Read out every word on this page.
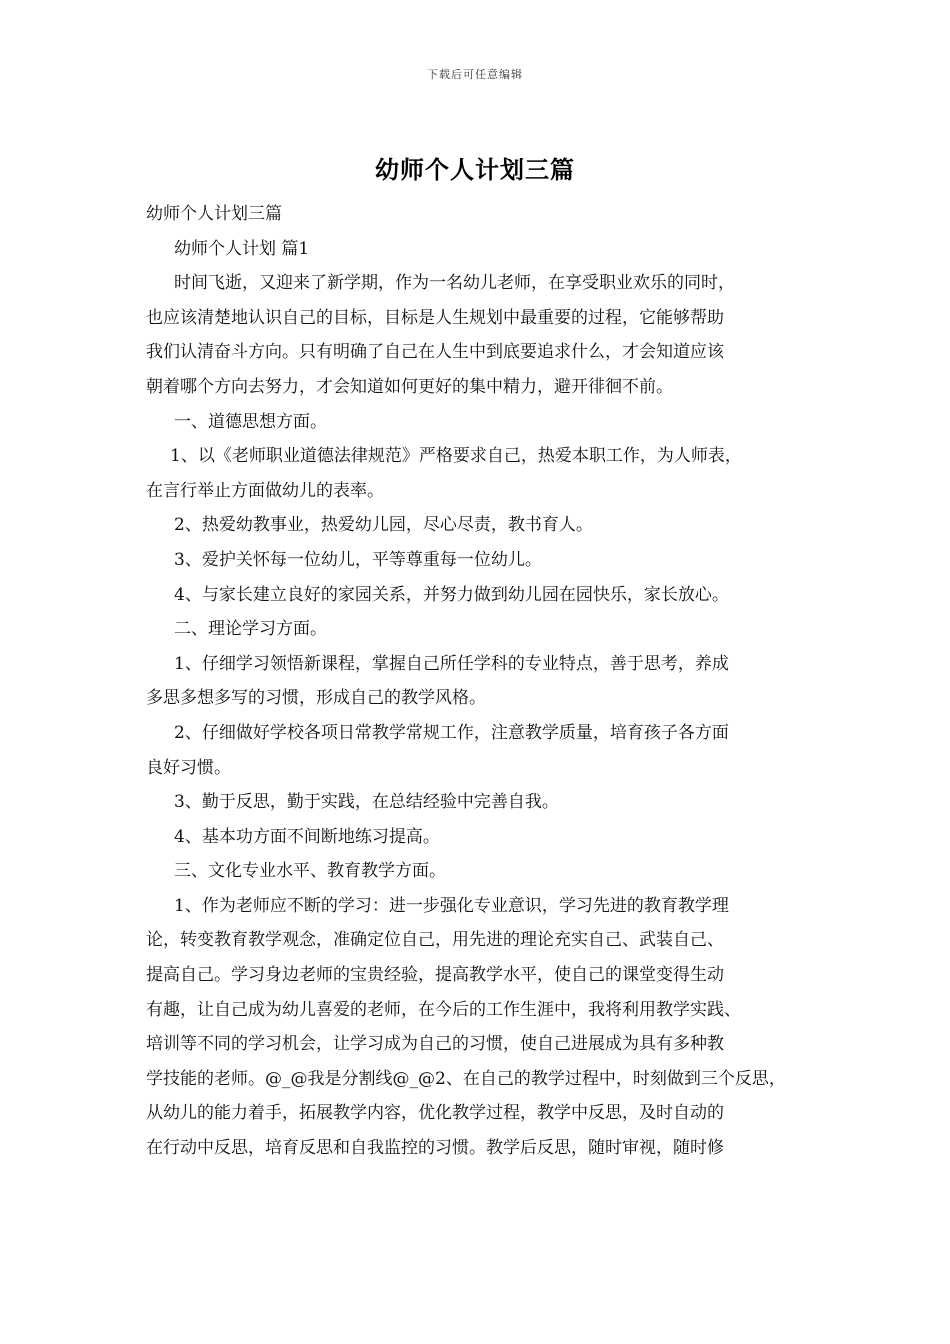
下载后可任意编辑
幼师个人计划三篇

幼师个人计划三篇

幼师个人计划 篇1

时间飞逝，又迎来了新学期，作为一名幼儿老师，在享受职业欢乐的同时，

也应该清楚地认识自己的目标，目标是人生规划中最重要的过程，它能够帮助

我们认清奋斗方向。只有明确了自己在人生中到底要追求什么，才会知道应该

朝着哪个方向去努力，才会知道如何更好的集中精力，避开徘徊不前。

一、道德思想方面。

1、以《老师职业道德法律规范》严格要求自己，热爱本职工作，为人师表，

在言行举止方面做幼儿的表率。

2、热爱幼教事业，热爱幼儿园，尽心尽责，教书育人。

3、爱护关怀每一位幼儿，平等尊重每一位幼儿。

4、与家长建立良好的家园关系，并努力做到幼儿园在园快乐，家长放心。

二、理论学习方面。

1、仔细学习领悟新课程，掌握自己所任学科的专业特点，善于思考，养成

多思多想多写的习惯，形成自己的教学风格。

2、仔细做好学校各项日常教学常规工作，注意教学质量，培育孩子各方面

良好习惯。

3、勤于反思，勤于实践，在总结经验中完善自我。

4、基本功方面不间断地练习提高。

三、文化专业水平、教育教学方面。

1、作为老师应不断的学习：进一步强化专业意识，学习先进的教育教学理

论，转变教育教学观念，准确定位自己，用先进的理论充实自己、武装自己、

提高自己。学习身边老师的宝贵经验，提高教学水平，使自己的课堂变得生动

有趣，让自己成为幼儿喜爱的老师，在今后的工作生涯中，我将利用教学实践、

培训等不同的学习机会，让学习成为自己的习惯，使自己进展成为具有多种教

学技能的老师。@_@我是分割线@_@2、在自己的教学过程中，时刻做到三个反思，

从幼儿的能力着手，拓展教学内容，优化教学过程，教学中反思，及时自动的

在行动中反思，培育反思和自我监控的习惯。教学后反思，随时审视，随时修
